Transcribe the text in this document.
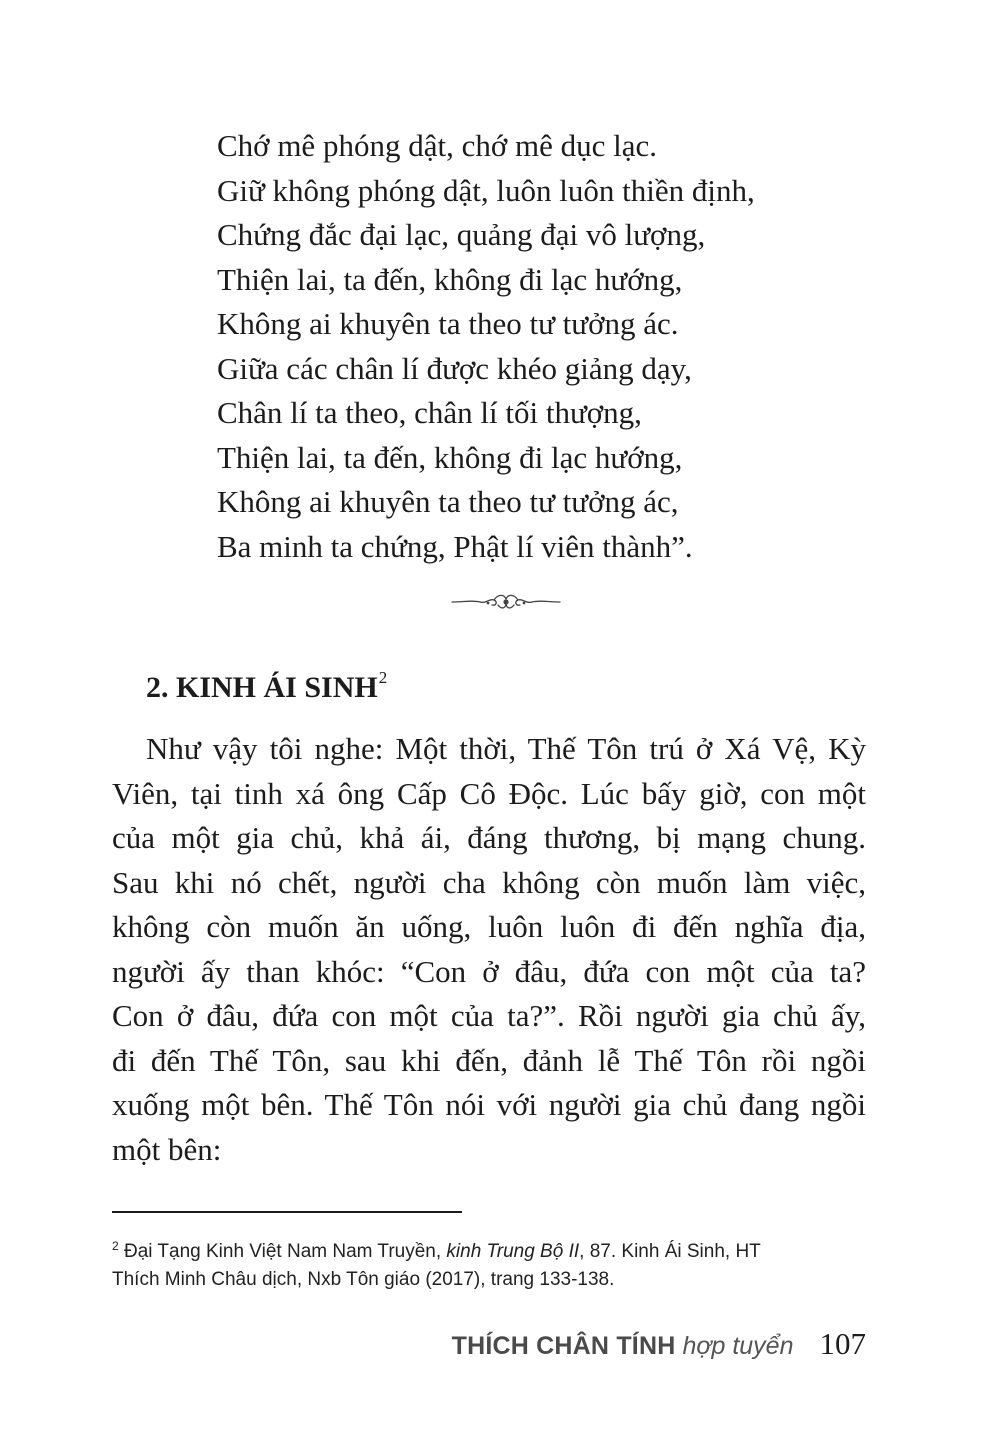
Chớ mê phóng dật, chớ mê dục lạc.
Giữ không phóng dật, luôn luôn thiền định,
Chứng đắc đại lạc, quảng đại vô lượng,
Thiện lai, ta đến, không đi lạc hướng,
Không ai khuyên ta theo tư tưởng ác.
Giữa các chân lí được khéo giảng dạy,
Chân lí ta theo, chân lí tối thượng,
Thiện lai, ta đến, không đi lạc hướng,
Không ai khuyên ta theo tư tưởng ác,
Ba minh ta chứng, Phật lí viên thành”.
2. KINH ÁI SINH$^2$
Như vậy tôi nghe: Một thời, Thế Tôn trú ở Xá Vệ, Kỳ
Viên, tại tinh xá ông Cấp Cô Độc. Lúc bấy giờ, con một
của một gia chủ, khả ái, đáng thương, bị mạng chung.
Sau khi nó chết, người cha không còn muốn làm việc,
không còn muốn ăn uống, luôn luôn đi đến nghĩa địa,
người ấy than khóc: “Con ở đâu, đứa con một của ta?
Con ở đâu, đứa con một của ta?”. Rồi người gia chủ ấy,
đi đến Thế Tôn, sau khi đến, đảnh lễ Thế Tôn rồi ngồi
xuống một bên. Thế Tôn nói với người gia chủ đang ngồi
một bên:
$^2$ Đại Tạng Kinh Việt Nam Nam Truyền, kinh Trung Bộ II, 87. Kinh Ái Sinh, HT
Thích Minh Châu dịch, Nxb Tôn giáo (2017), trang 133-138.
THÍCH CHÂN TÍNH hợp tuyển 107
